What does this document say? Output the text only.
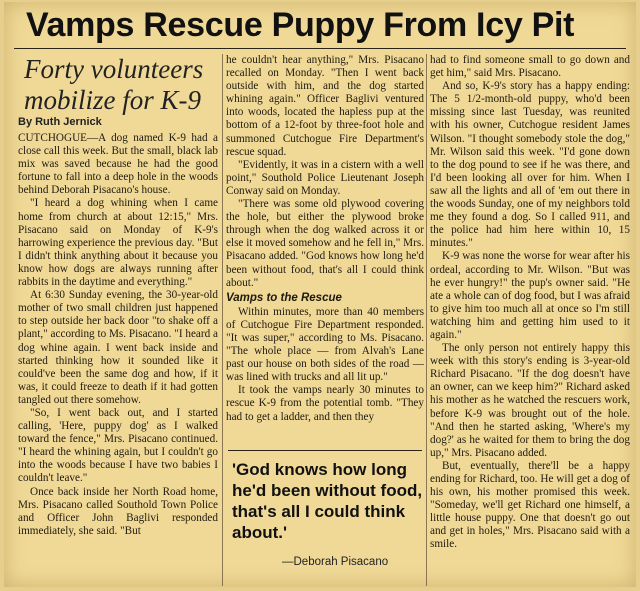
Vamps Rescue Puppy From Icy Pit
Forty volunteers mobilize for K-9
By Ruth Jernick

CUTCHOGUE—A dog named K-9 had a close call this week. But the small, black lab mix was saved because he had the good fortune to fall into a deep hole in the woods behind Deborah Pisacano's house.

"I heard a dog whining when I came home from church at about 12:15," Mrs. Pisacano said on Monday of K-9's harrowing experience the previous day. "But I didn't think anything about it because you know how dogs are always running after rabbits in the daytime and everything."

At 6:30 Sunday evening, the 30-year-old mother of two small children just happened to step outside her back door "to shake off a plant," according to Ms. Pisacano. "I heard a dog whine again. I went back inside and started thinking how it sounded like it could've been the same dog and how, if it was, it could freeze to death if it had gotten tangled out there somehow.

"So, I went back out, and I started calling, 'Here, puppy dog' as I walked toward the fence," Mrs. Pisacano continued. "I heard the whining again, but I couldn't go into the woods because I have two babies I couldn't leave."

Once back inside her North Road home, Mrs. Pisacano called Southold Town Police and Officer John Baglivi responded immediately, she said. "But

he couldn't hear anything," Mrs. Pisacano recalled on Monday. "Then I went back outside with him, and the dog started whining again." Officer Baglivi ventured into woods, located the hapless pup at the bottom of a 12-foot by three-foot hole and summoned Cutchogue Fire Department's rescue squad.

"Evidently, it was in a cistern with a well point," Southold Police Lieutenant Joseph Conway said on Monday.

"There was some old plywood covering the hole, but either the plywood broke through when the dog walked across it or else it moved somehow and he fell in," Mrs. Pisacano added. "God knows how long he'd been without food, that's all I could think about."

Vamps to the Rescue

Within minutes, more than 40 members of Cutchogue Fire Department responded. "It was super," according to Ms. Pisacano. "The whole place — from Alvah's Lane past our house on both sides of the road — was lined with trucks and all lit up."

It took the vamps nearly 30 minutes to rescue K-9 from the potential tomb. "They had to get a ladder, and then they

'God knows how long he'd been without food, that's all I could think about.'
—Deborah Pisacano

had to find someone small to go down and get him," said Mrs. Pisacano.

And so, K-9's story has a happy ending: The 5 1/2-month-old puppy, who'd been missing since last Tuesday, was reunited with his owner, Cutchogue resident James Wilson. "I thought somebody stole the dog," Mr. Wilson said this week. "I'd gone down to the dog pound to see if he was there, and I'd been looking all over for him. When I saw all the lights and all of 'em out there in the woods Sunday, one of my neighbors told me they found a dog. So I called 911, and the police had him here within 10, 15 minutes."

K-9 was none the worse for wear after his ordeal, according to Mr. Wilson. "But was he ever hungry!" the pup's owner said. "He ate a whole can of dog food, but I was afraid to give him too much all at once so I'm still watching him and getting him used to it again."

The only person not entirely happy this week with this story's ending is 3-year-old Richard Pisacano. "If the dog doesn't have an owner, can we keep him?" Richard asked his mother as he watched the rescuers work, before K-9 was brought out of the hole. "And then he started asking, 'Where's my dog?' as he waited for them to bring the dog up," Mrs. Pisacano added.

But, eventually, there'll be a happy ending for Richard, too. He will get a dog of his own, his mother promised this week. "Someday, we'll get Richard one himself, a little house puppy. One that doesn't go out and get in holes," Mrs. Pisacano said with a smile.
